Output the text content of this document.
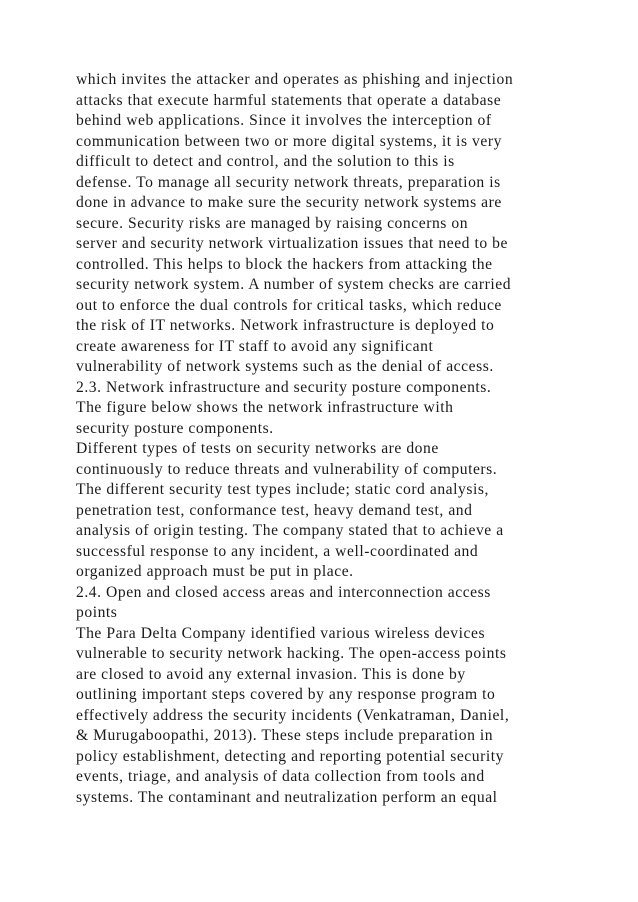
which invites the attacker and operates as phishing and injection
attacks that execute harmful statements that operate a database
behind web applications. Since it involves the interception of
communication between two or more digital systems, it is very
difficult to detect and control, and the solution to this is
defense. To manage all security network threats, preparation is
done in advance to make sure the security network systems are
secure. Security risks are managed by raising concerns on
server and security network virtualization issues that need to be
controlled. This helps to block the hackers from attacking the
security network system. A number of system checks are carried
out to enforce the dual controls for critical tasks, which reduce
the risk of IT networks. Network infrastructure is deployed to
create awareness for IT staff to avoid any significant
vulnerability of network systems such as the denial of access.
2.3. Network infrastructure and security posture components.
The figure below shows the network infrastructure with
security posture components.
Different types of tests on security networks are done
continuously to reduce threats and vulnerability of computers.
The different security test types include; static cord analysis,
penetration test, conformance test, heavy demand test, and
analysis of origin testing. The company stated that to achieve a
successful response to any incident, a well-coordinated and
organized approach must be put in place.
2.4. Open and closed access areas and interconnection access
points
The Para Delta Company identified various wireless devices
vulnerable to security network hacking. The open-access points
are closed to avoid any external invasion. This is done by
outlining important steps covered by any response program to
effectively address the security incidents (Venkatraman, Daniel,
& Murugaboopathi, 2013). These steps include preparation in
policy establishment, detecting and reporting potential security
events, triage, and analysis of data collection from tools and
systems. The contaminant and neutralization perform an equal
